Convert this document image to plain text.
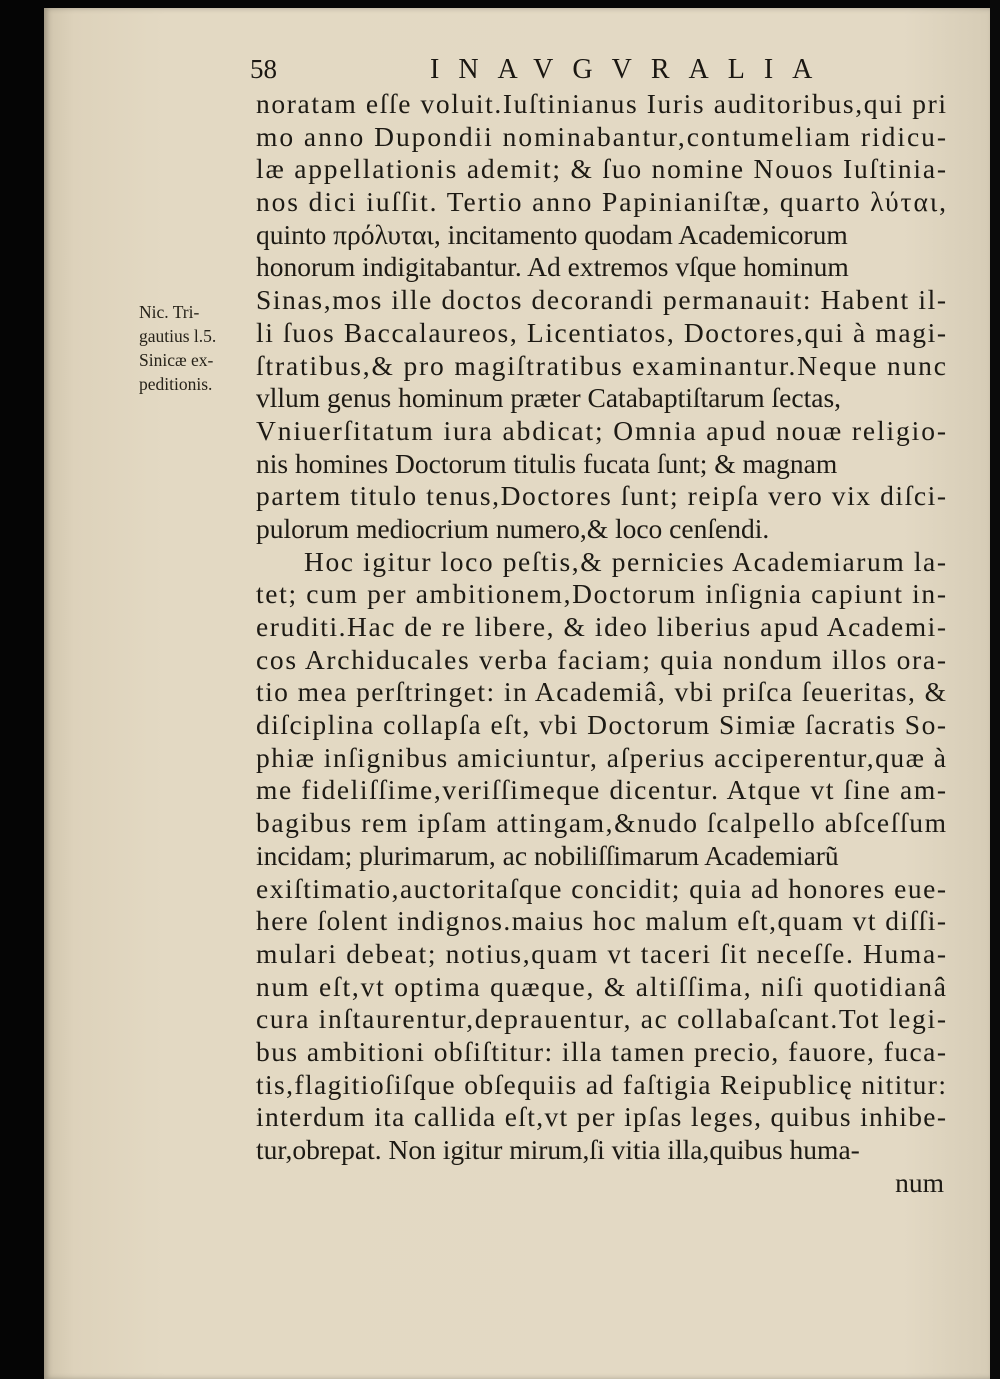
58	INAVGVRALIA
Nic. Tri-
gautius l.5.
Sinicæ ex-
peditionis.
noratam eſſe voluit.Iuſtinianus Iuris auditoribus,qui pri
mo anno Dupondii nominabantur,contumeliam ridicu-
læ appellationis ademit; & ſuo nomine Nouos Iuſtinia-
nos dici iuſſit. Tertio anno Papinianiſtæ, quarto λύται,
quinto πρόλυται, incitamento quodam Academicorum
honorum indigitabantur. Ad extremos vſque hominum
Sinas,mos ille doctos decorandi permanauit: Habent il-
li ſuos Baccalaureos, Licentiatos, Doctores,qui à magi-
ſtratibus,& pro magiſtratibus examinantur.Neque nunc
vllum genus hominum præter Catabaptiſtarum ſectas,
Vniuerſitatum iura abdicat; Omnia apud nouæ religio-
nis homines Doctorum titulis fucata ſunt; & magnam
partem titulo tenus,Doctores ſunt; reipſa vero vix diſci-
pulorum mediocrium numero,& loco cenſendi.
Hoc igitur loco peſtis,& pernicies Academiarum la-
tet; cum per ambitionem,Doctorum inſignia capiunt in-
eruditi.Hac de re libere, & ideo liberius apud Academi-
cos Archiducales verba faciam; quia nondum illos ora-
tio mea perſtringet: in Academiâ, vbi priſca ſeueritas, &
diſciplina collapſa eſt, vbi Doctorum Simiæ ſacratis So-
phiæ inſignibus amiciuntur, aſperius acciperentur,quæ à
me fideliſſime,veriſſimeque dicentur. Atque vt ſine am-
bagibus rem ipſam attingam,&nudo ſcalpello abſceſſum
incidam; plurimarum, ac nobiliſſimarum Academiarũ
exiſtimatio,auctoritaſque concidit; quia ad honores eue-
here ſolent indignos.maius hoc malum eſt,quam vt diſſi-
mulari debeat; notius,quam vt taceri ſit neceſſe. Huma-
num eſt,vt optima quæque, & altiſſima, niſi quotidianâ
cura inſtaurentur,deprauentur, ac collabaſcant.Tot legi-
bus ambitioni obſiſtitur: illa tamen precio, fauore, fuca-
tis,flagitioſiſque obſequiis ad faſtigia Reipublicę nititur:
interdum ita callida eſt,vt per ipſas leges, quibus inhibe-
tur,obrepat. Non igitur mirum,ſi vitia illa,quibus huma-
num
